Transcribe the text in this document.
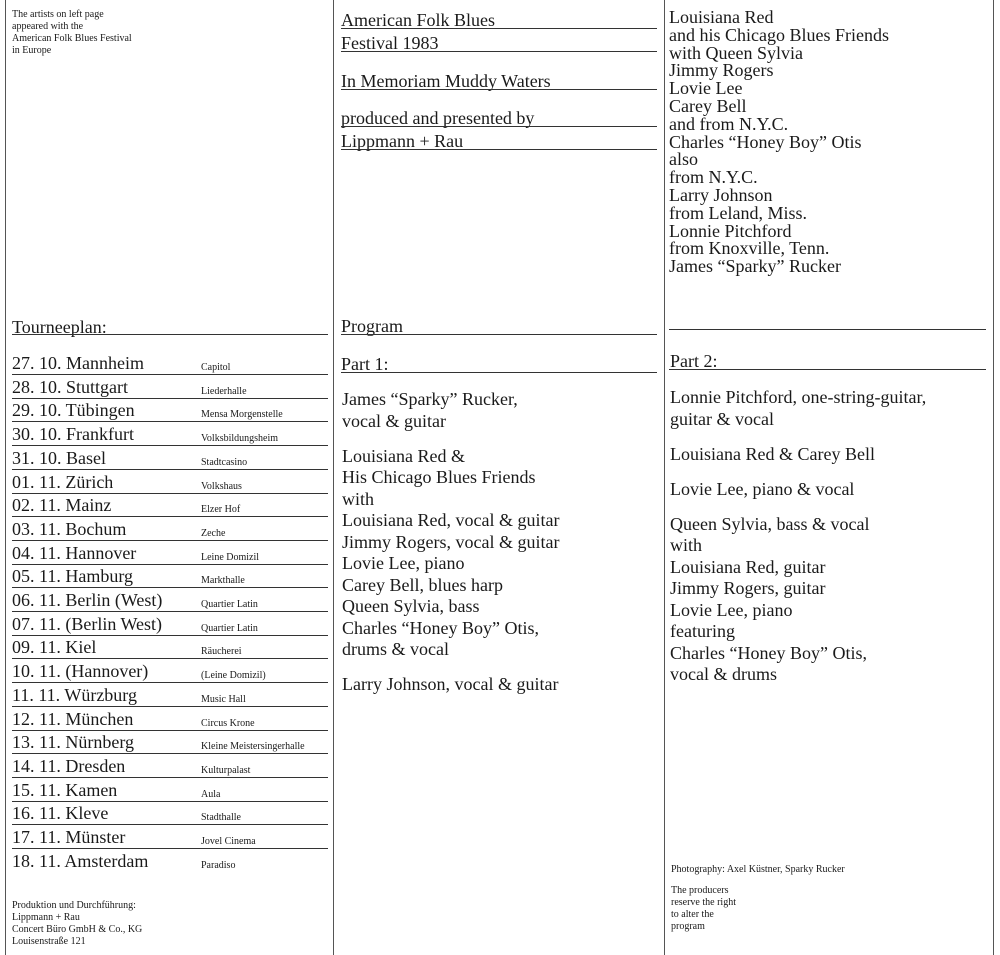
The artists on left page
appeared with the
American Folk Blues Festival
in Europe
Tourneeplan:
27. 10. Mannheim	Capitol
28. 10. Stuttgart	Liederhalle
29. 10. Tübingen	Mensa Morgenstelle
30. 10. Frankfurt	Volksbildungsheim
31. 10. Basel	Stadtcasino
01. 11. Zürich	Volkshaus
02. 11. Mainz	Elzer Hof
03. 11. Bochum	Zeche
04. 11. Hannover	Leine Domizil
05. 11. Hamburg	Markthalle
06. 11. Berlin (West)	Quartier Latin
07. 11. (Berlin West)	Quartier Latin
09. 11. Kiel	Räucherei
10. 11. (Hannover)	(Leine Domizil)
11. 11. Würzburg	Music Hall
12. 11. München	Circus Krone
13. 11. Nürnberg	Kleine Meistersingerhalle
14. 11. Dresden	Kulturpalast
15. 11. Kamen	Aula
16. 11. Kleve	Stadthalle
17. 11. Münster	Jovel Cinema
18. 11. Amsterdam	Paradiso
Produktion und Durchführung:
Lippmann + Rau
Concert Büro GmbH & Co., KG
Louisenstraße 121
American Folk Blues
Festival 1983
In Memoriam Muddy Waters
produced and presented by
Lippmann + Rau
Program
Part 1:
James “Sparky” Rucker,
vocal & guitar
Louisiana Red &
His Chicago Blues Friends
with
Louisiana Red, vocal & guitar
Jimmy Rogers, vocal & guitar
Lovie Lee, piano
Carey Bell, blues harp
Queen Sylvia, bass
Charles “Honey Boy” Otis,
drums & vocal
Larry Johnson, vocal & guitar
Louisiana Red
and his Chicago Blues Friends
with Queen Sylvia
Jimmy Rogers
Lovie Lee
Carey Bell
and from N.Y.C.
Charles “Honey Boy” Otis
also
from N.Y.C.
Larry Johnson
from Leland, Miss.
Lonnie Pitchford
from Knoxville, Tenn.
James “Sparky” Rucker
Part 2:
Lonnie Pitchford, one-string-guitar,
guitar & vocal
Louisiana Red & Carey Bell
Lovie Lee, piano & vocal
Queen Sylvia, bass & vocal
with
Louisiana Red, guitar
Jimmy Rogers, guitar
Lovie Lee, piano
featuring
Charles “Honey Boy” Otis,
vocal & drums
Photography: Axel Küstner, Sparky Rucker
The producers
reserve the right
to alter the
program
